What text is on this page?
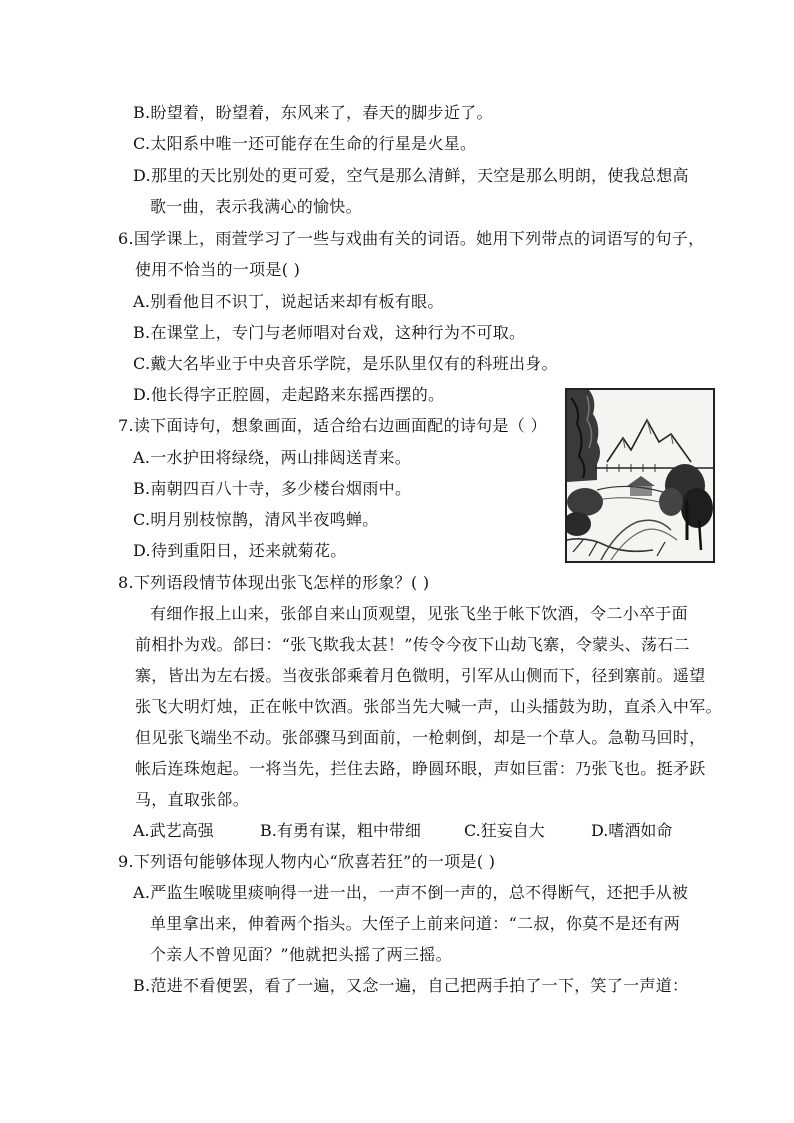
B.盼望着，盼望着，东风来了，春天的脚步近了。
C.太阳系中唯一还可能存在生命的行星是火星。
D.那里的天比别处的更可爱，空气是那么清鲜，天空是那么明朗，使我总想高
歌一曲，表示我满心的愉快。
6.国学课上，雨萱学习了一些与戏曲有关的词语。她用下列带点的词语写的句子，
使用不恰当的一项是( )
A.别看他目不识丁，说起话来却有板有眼。
B.在课堂上，专门与老师唱对台戏，这种行为不可取。
C.戴大名毕业于中央音乐学院，是乐队里仅有的科班出身。
D.他长得字正腔圆，走起路来东摇西摆的。
7.读下面诗句，想象画面，适合给右边画面配的诗句是（ ）
A.一水护田将绿绕，两山排闼送青来。
B.南朝四百八十寺，多少楼台烟雨中。
C.明月别枝惊鹊，清风半夜鸣蝉。
D.待到重阳日，还来就菊花。
8.下列语段情节体现出张飞怎样的形象？( )
有细作报上山来，张郃自来山顶观望，见张飞坐于帐下饮酒，令二小卒于面
前相扑为戏。郃曰：“张飞欺我太甚！”传令今夜下山劫飞寨，令蒙头、荡石二
寨，皆出为左右援。当夜张郃乘着月色微明，引军从山侧而下，径到寨前。遥望
张飞大明灯烛，正在帐中饮酒。张郃当先大喊一声，山头擂鼓为助，直杀入中军。
但见张飞端坐不动。张郃骤马到面前，一枪刺倒，却是一个草人。急勒马回时，
帐后连珠炮起。一将当先，拦住去路，睁圆环眼，声如巨雷：乃张飞也。挺矛跃
马，直取张郃。
A.武艺高强	B.有勇有谋，粗中带细	C.狂妄自大	D.嗜酒如命
9.下列语句能够体现人物内心“欣喜若狂”的一项是( )
A.严监生喉咙里痰响得一进一出，一声不倒一声的，总不得断气，还把手从被
单里拿出来，伸着两个指头。大侄子上前来问道：“二叔，你莫不是还有两
个亲人不曾见面？”他就把头摇了两三摇。
B.范进不看便罢，看了一遍，又念一遍，自己把两手拍了一下，笑了一声道：
